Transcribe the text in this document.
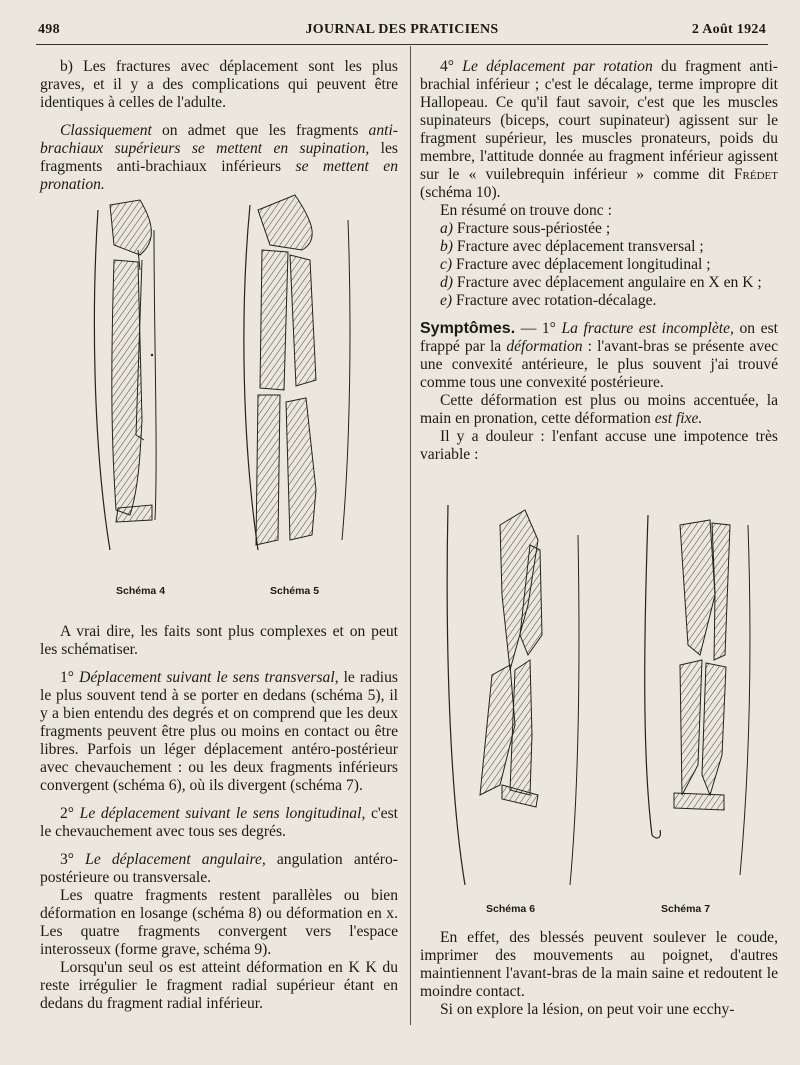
498	JOURNAL DES PRATICIENS	2 Août 1924

b) Les fractures avec déplacement sont les plus graves, et il y a des complications qui peuvent être identiques à celles de l'adulte.

Classiquement on admet que les fragments anti-brachiaux supérieurs se mettent en supination, les fragments anti-brachiaux inférieurs se mettent en pronation.

Schéma 4	Schéma 5

A vrai dire, les faits sont plus complexes et on peut les schématiser.

1° Déplacement suivant le sens transversal, le radius le plus souvent tend à se porter en dedans (schéma 5), il y a bien entendu des degrés et on comprend que les deux fragments peuvent être plus ou moins en contact ou être libres. Parfois un léger déplacement antéro-postérieur avec chevauchement : ou les deux fragments inférieurs convergent (schéma 6), où ils divergent (schéma 7).

2° Le déplacement suivant le sens longitudinal, c'est le chevauchement avec tous ses degrés.

3° Le déplacement angulaire, angulation antéro-postérieure ou transversale.

Les quatre fragments restent parallèles ou bien déformation en losange (schéma 8) ou déformation en x. Les quatre fragments convergent vers l'espace interosseux (forme grave, schéma 9).

Lorsqu'un seul os est atteint déformation en K K du reste irrégulier le fragment radial supérieur étant en dedans du fragment radial inférieur.

4° Le déplacement par rotation du fragment anti-brachial inférieur ; c'est le décalage, terme impropre dit Hallopeau. Ce qu'il faut savoir, c'est que les muscles supinateurs (biceps, court supinateur) agissent sur le fragment supérieur, les muscles pronateurs, poids du membre, l'attitude donnée au fragment inférieur agissent sur le « vuilebrequin inférieur » comme dit Frédet (schéma 10).

En résumé on trouve donc :

a) Fracture sous-périostée ;
b) Fracture avec déplacement transversal ;
c) Fracture avec déplacement longitudinal ;
d) Fracture avec déplacement angulaire en X en K ;
e) Fracture avec rotation-décalage.

Symptômes. — 1° La fracture est incomplète, on est frappé par la déformation : l'avant-bras se présente avec une convexité antérieure, le plus souvent j'ai trouvé comme tous une convexité postérieure.

Cette déformation est plus ou moins accentuée, la main en pronation, cette déformation est fixe.

Il y a douleur : l'enfant accuse une impotence très variable :

Schéma 6	Schéma 7

En effet, des blessés peuvent soulever le coude, imprimer des mouvements au poignet, d'autres maintiennent l'avant-bras de la main saine et redoutent le moindre contact.

Si on explore la lésion, on peut voir une ecchy-
